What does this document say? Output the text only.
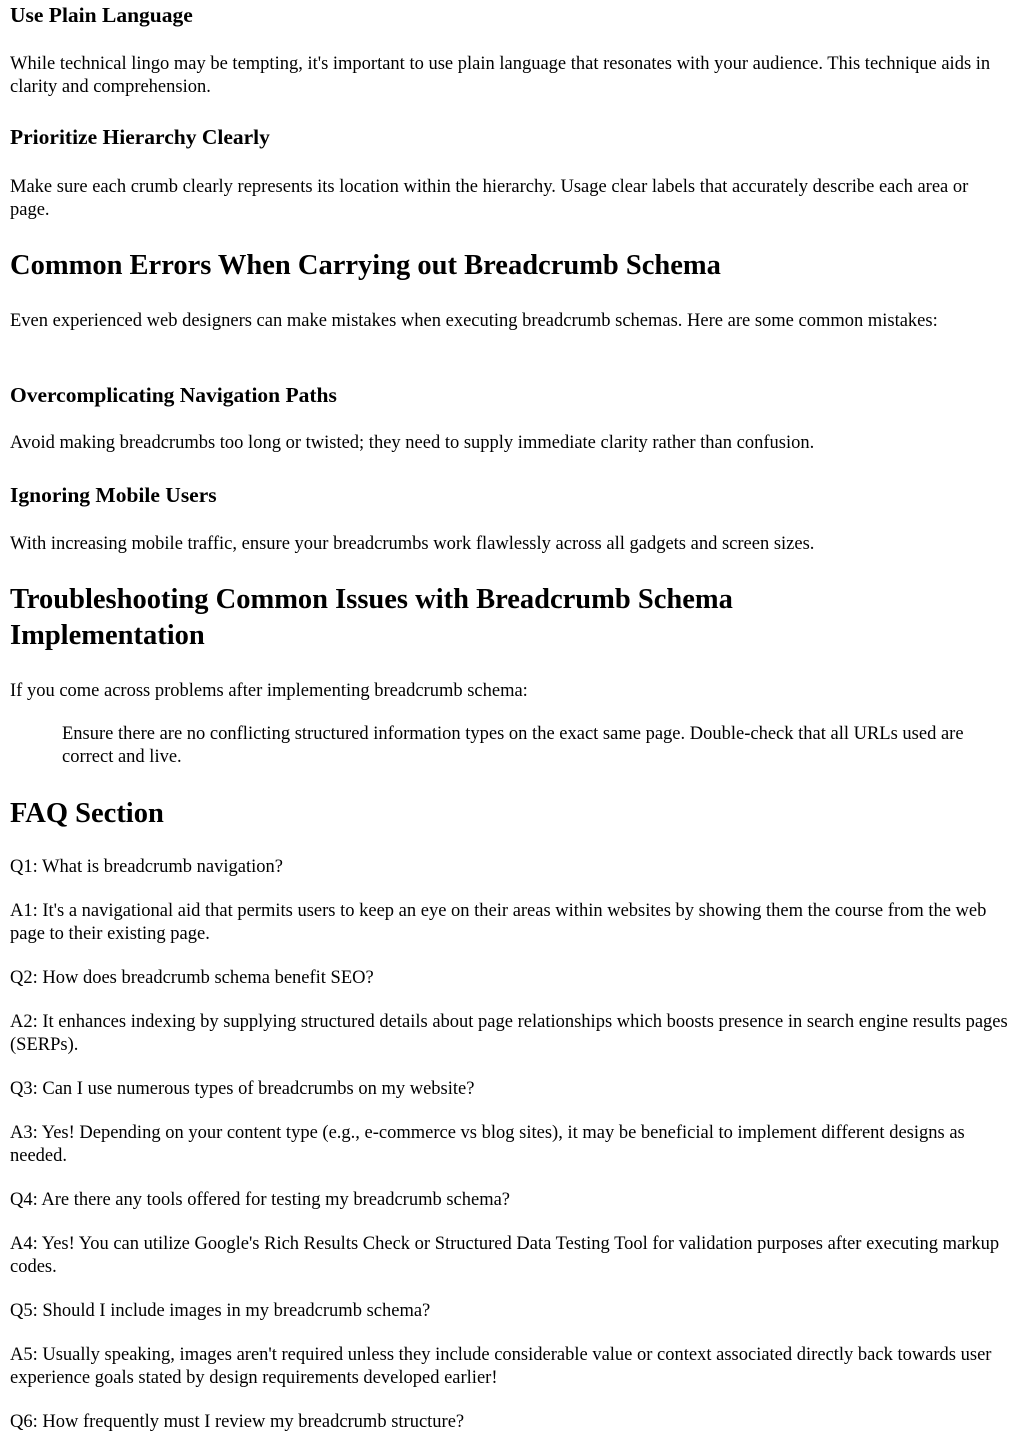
Use Plain Language

While technical lingo may be tempting, it's important to use plain language that resonates with your audience. This technique aids in clarity and comprehension.

Prioritize Hierarchy Clearly

Make sure each crumb clearly represents its location within the hierarchy. Usage clear labels that accurately describe each area or page.

Common Errors When Carrying out Breadcrumb Schema

Even experienced web designers can make mistakes when executing breadcrumb schemas. Here are some common mistakes:

Overcomplicating Navigation Paths

Avoid making breadcrumbs too long or twisted; they need to supply immediate clarity rather than confusion.

Ignoring Mobile Users

With increasing mobile traffic, ensure your breadcrumbs work flawlessly across all gadgets and screen sizes.

Troubleshooting Common Issues with Breadcrumb Schema Implementation

If you come across problems after implementing breadcrumb schema:

Ensure there are no conflicting structured information types on the exact same page. Double-check that all URLs used are correct and live.
FAQ Section

Q1: What is breadcrumb navigation?

A1: It's a navigational aid that permits users to keep an eye on their areas within websites by showing them the course from the web page to their existing page.

Q2: How does breadcrumb schema benefit SEO?

A2: It enhances indexing by supplying structured details about page relationships which boosts presence in search engine results pages (SERPs).

Q3: Can I use numerous types of breadcrumbs on my website?

A3: Yes! Depending on your content type (e.g., e-commerce vs blog sites), it may be beneficial to implement different designs as needed.

Q4: Are there any tools offered for testing my breadcrumb schema?

A4: Yes! You can utilize Google's Rich Results Check or Structured Data Testing Tool for validation purposes after executing markup codes.

Q5: Should I include images in my breadcrumb schema?

A5: Usually speaking, images aren't required unless they include considerable value or context associated directly back towards user experience goals stated by design requirements developed earlier!

Q6: How frequently must I review my breadcrumb structure?
